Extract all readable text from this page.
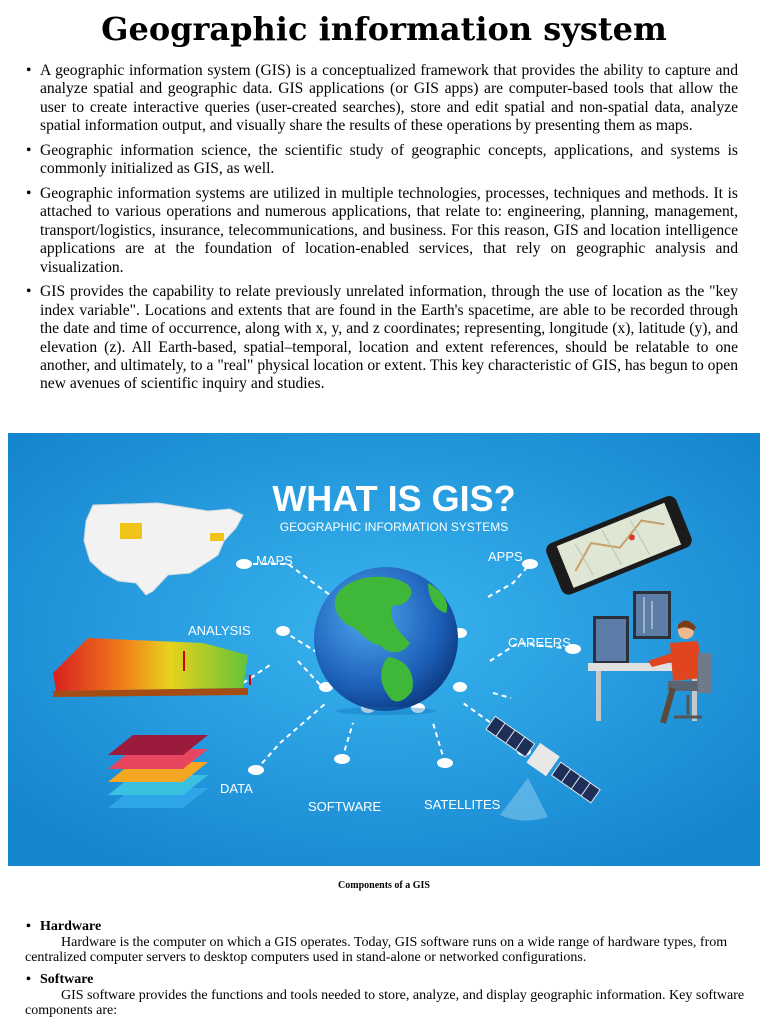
Geographic information system
• A geographic information system (GIS) is a conceptualized framework that provides the ability to capture and analyze spatial and geographic data. GIS applications (or GIS apps) are computer-based tools that allow the user to create interactive queries (user-created searches), store and edit spatial and non-spatial data, analyze spatial information output, and visually share the results of these operations by presenting them as maps.
• Geographic information science, the scientific study of geographic concepts, applications, and systems is commonly initialized as GIS, as well.
• Geographic information systems are utilized in multiple technologies, processes, techniques and methods. It is attached to various operations and numerous applications, that relate to: engineering, planning, management, transport/logistics, insurance, telecommunications, and business. For this reason, GIS and location intelligence applications are at the foundation of location-enabled services, that rely on geographic analysis and visualization.
• GIS provides the capability to relate previously unrelated information, through the use of location as the "key index variable". Locations and extents that are found in the Earth's spacetime, are able to be recorded through the date and time of occurrence, along with x, y, and z coordinates; representing, longitude (x), latitude (y), and elevation (z). All Earth-based, spatial–temporal, location and extent references, should be relatable to one another, and ultimately, to a "real" physical location or extent. This key characteristic of GIS, has begun to open new avenues of scientific inquiry and studies.
WHAT IS GIS?
GEOGRAPHIC INFORMATION SYSTEMS
MAPS
ANALYSIS
DATA
SOFTWARE	SATELLITES
APPS
CAREERS
Components of a GIS
• Hardware
Hardware is the computer on which a GIS operates. Today, GIS software runs on a wide range of hardware types, from centralized computer servers to desktop computers used in stand-alone or networked configurations.
• Software
GIS software provides the functions and tools needed to store, analyze, and display geographic information. Key software components are:
